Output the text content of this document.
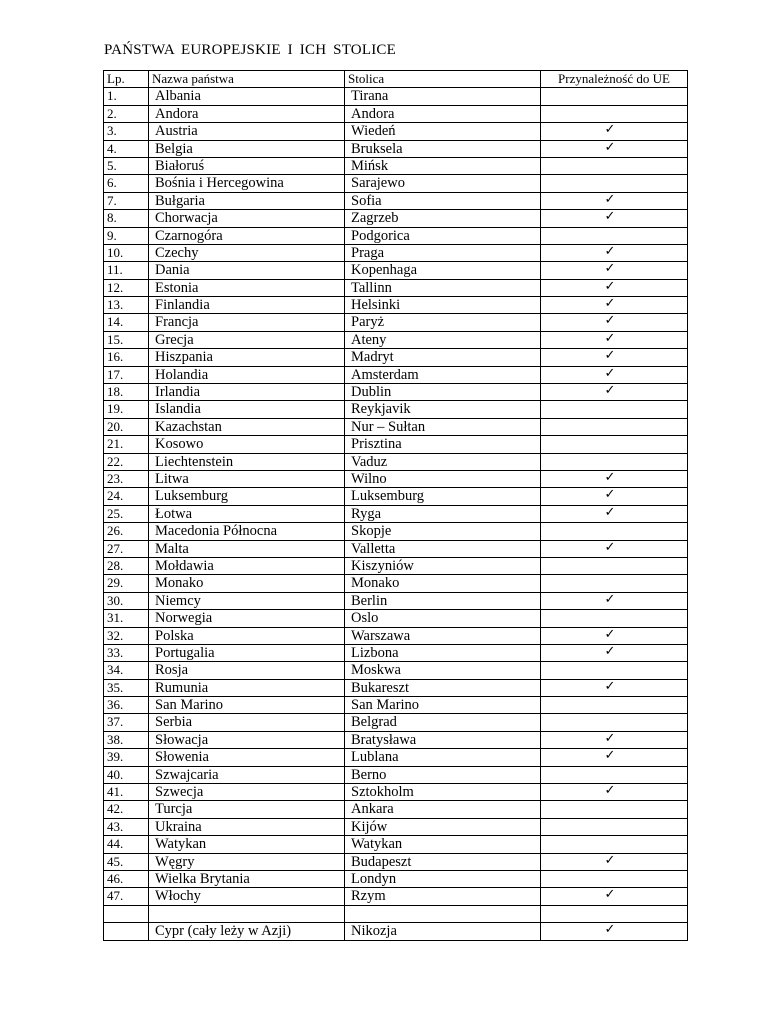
PAŃSTWA EUROPEJSKIE I ICH STOLICE
Lp.	Nazwa państwa	Stolica	Przynależność do UE
1.	Albania	Tirana	
2.	Andora	Andora	
3.	Austria	Wiedeń	✓
4.	Belgia	Bruksela	✓
5.	Białoruś	Mińsk	
6.	Bośnia i Hercegowina	Sarajewo	
7.	Bułgaria	Sofia	✓
8.	Chorwacja	Zagrzeb	✓
9.	Czarnogóra	Podgorica	
10.	Czechy	Praga	✓
11.	Dania	Kopenhaga	✓
12.	Estonia	Tallinn	✓
13.	Finlandia	Helsinki	✓
14.	Francja	Paryż	✓
15.	Grecja	Ateny	✓
16.	Hiszpania	Madryt	✓
17.	Holandia	Amsterdam	✓
18.	Irlandia	Dublin	✓
19.	Islandia	Reykjavik	
20.	Kazachstan	Nur – Sułtan	
21.	Kosowo	Prisztina	
22.	Liechtenstein	Vaduz	
23.	Litwa	Wilno	✓
24.	Luksemburg	Luksemburg	✓
25.	Łotwa	Ryga	✓
26.	Macedonia Północna	Skopje	
27.	Malta	Valletta	✓
28.	Mołdawia	Kiszyniów	
29.	Monako	Monako	
30.	Niemcy	Berlin	✓
31.	Norwegia	Oslo	
32.	Polska	Warszawa	✓
33.	Portugalia	Lizbona	✓
34.	Rosja	Moskwa	
35.	Rumunia	Bukareszt	✓
36.	San Marino	San Marino	
37.	Serbia	Belgrad	
38.	Słowacja	Bratysława	✓
39.	Słowenia	Lublana	✓
40.	Szwajcaria	Berno	
41.	Szwecja	Sztokholm	✓
42.	Turcja	Ankara	
43.	Ukraina	Kijów	
44.	Watykan	Watykan	
45.	Węgry	Budapeszt	✓
46.	Wielka Brytania	Londyn	
47.	Włochy	Rzym	✓

	Cypr (cały leży w Azji)	Nikozja	✓
